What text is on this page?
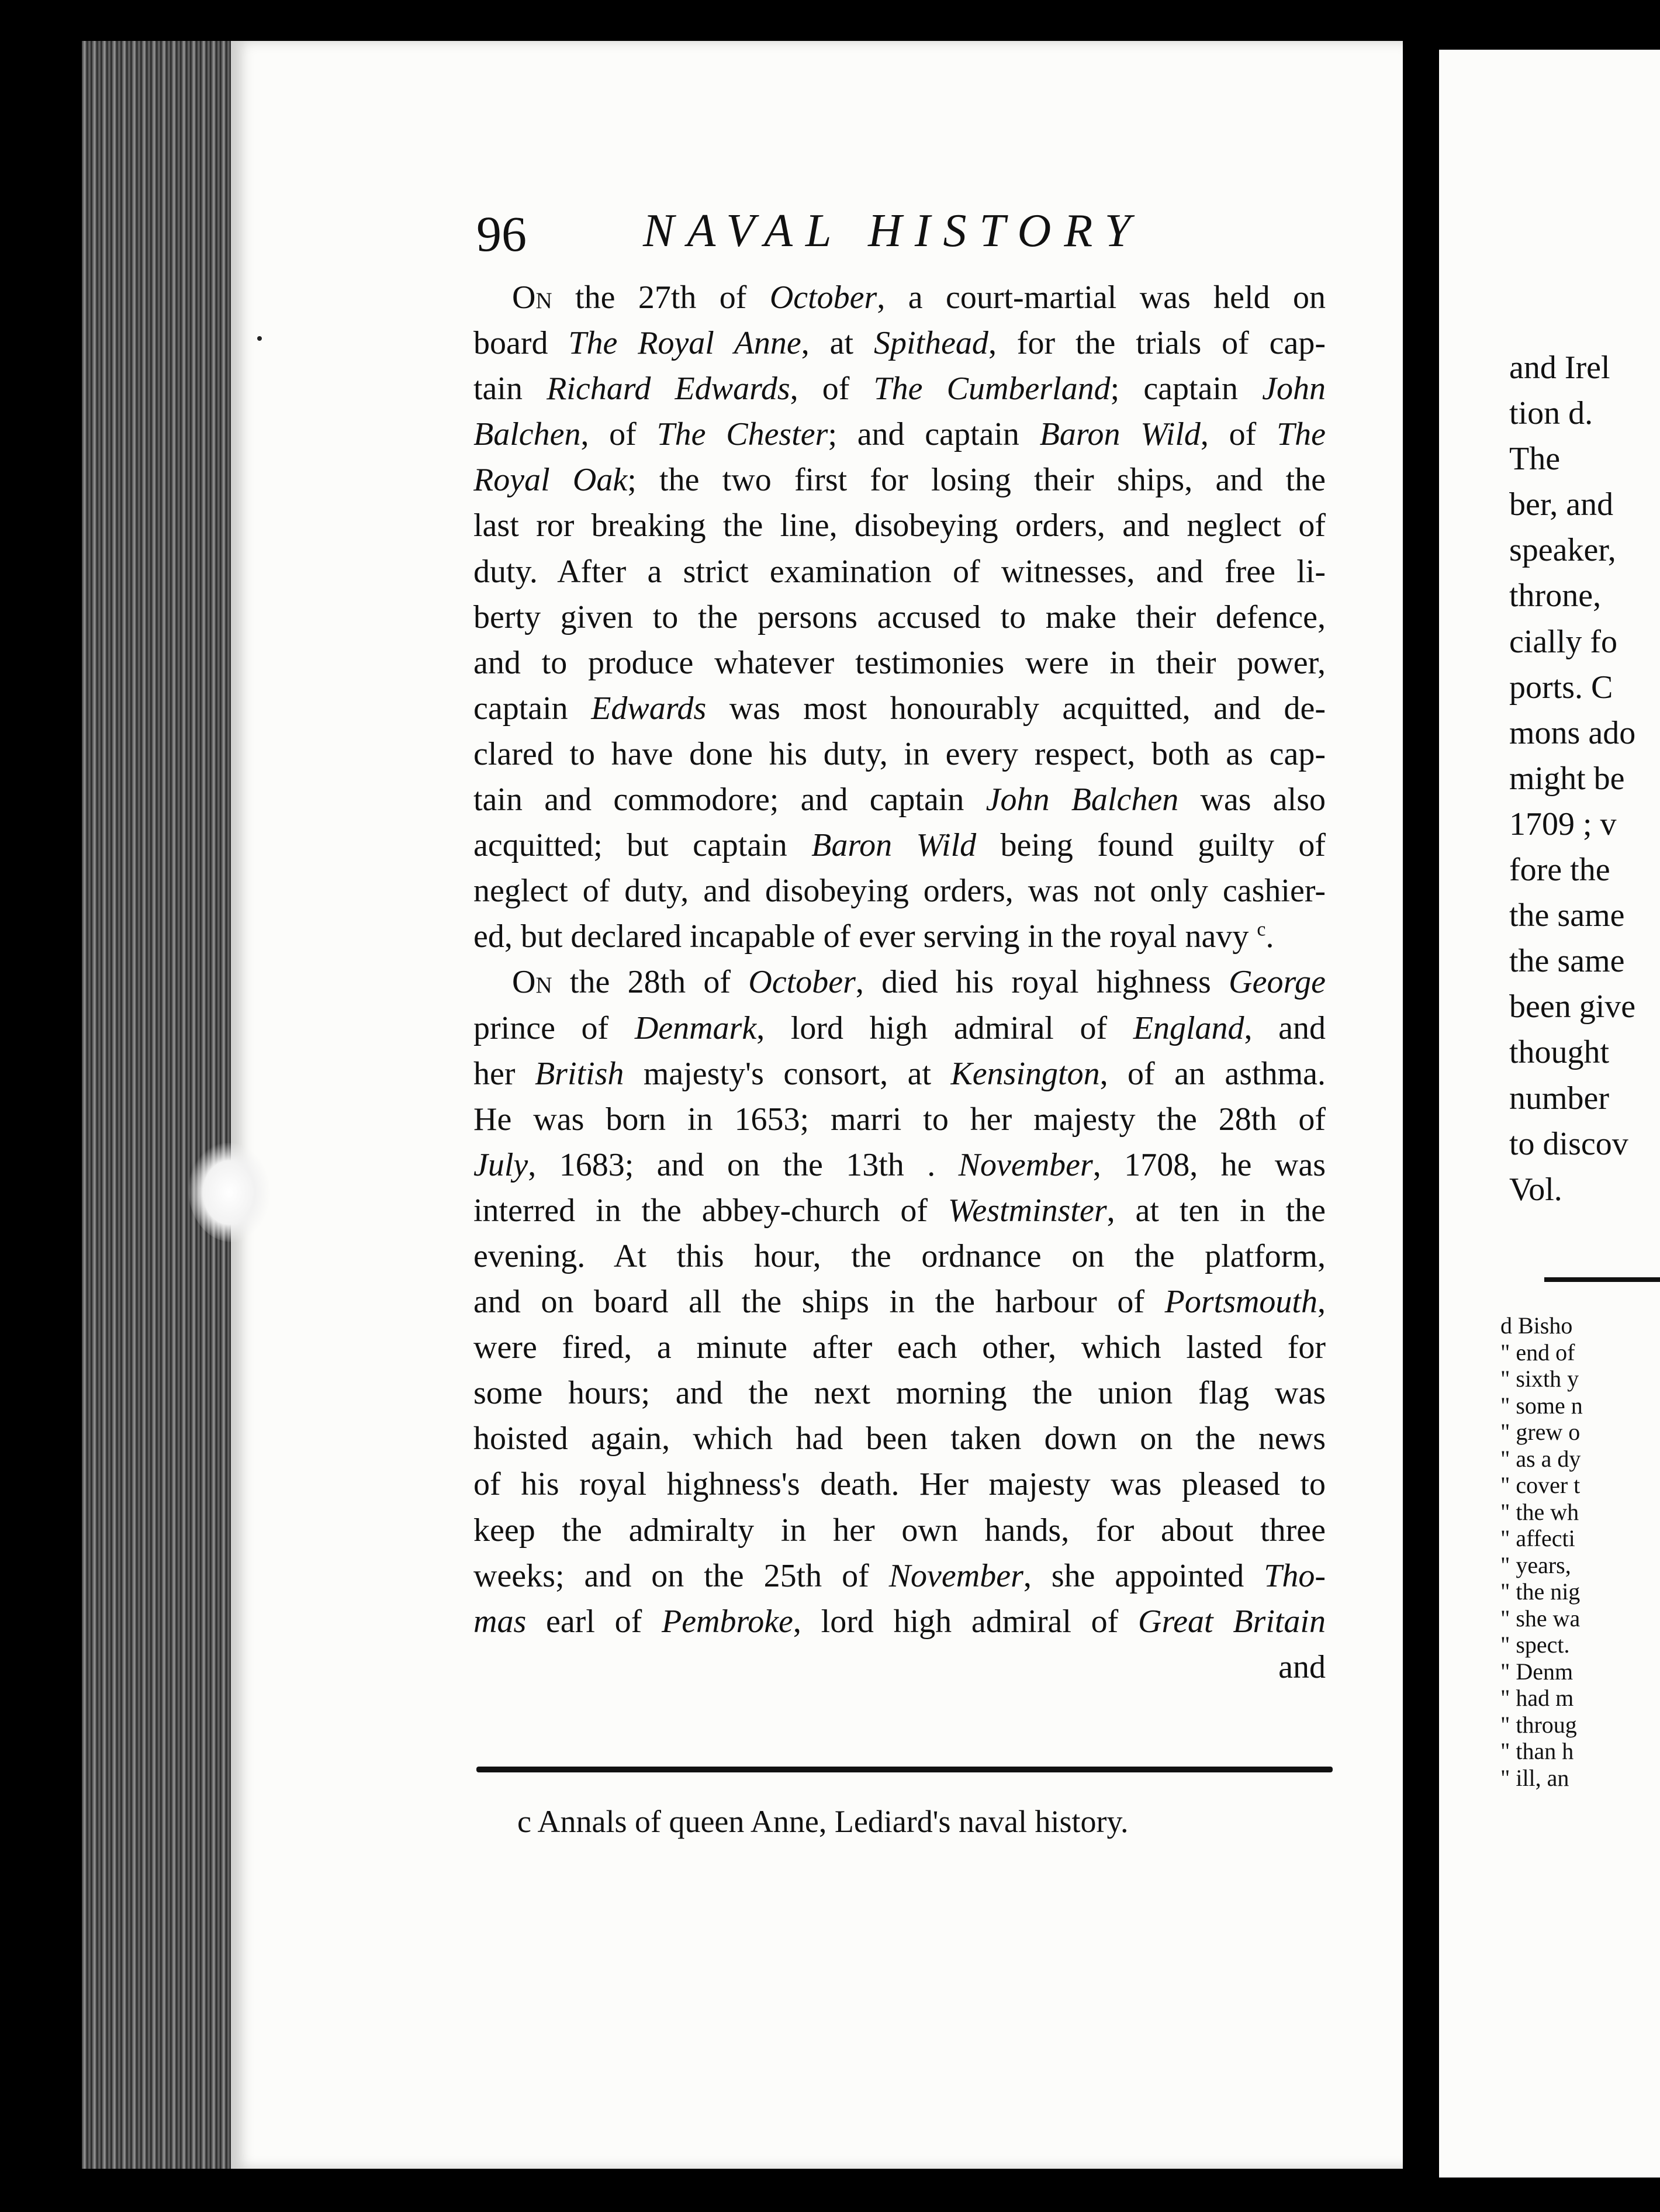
and Irel
tion d.
The
ber, and
speaker,
throne,
cially fo
ports. C
mons ado
might be
1709 ; v
fore the
the same
the same
been give
thought
number
to discov
Vol.
d Bisho
" end of
" sixth y
" some n
" grew o
" as a dy
" cover t
" the wh
" affecti
" years,
" the nig
" she wa
" spect.
" Denm
" had m
" throug
" than h
" ill, an
96 NAVAL HISTORY
On the 27th of October, a court-martial was held on
board The Royal Anne, at Spithead, for the trials of cap-
tain Richard Edwards, of The Cumberland; captain John
Balchen, of The Chester; and captain Baron Wild, of The
Royal Oak; the two first for losing their ships, and the
last ror breaking the line, disobeying orders, and neglect of
duty. After a strict examination of witnesses, and free li-
berty given to the persons accused to make their defence,
and to produce whatever testimonies were in their power,
captain Edwards was most honourably acquitted, and de-
clared to have done his duty, in every respect, both as cap-
tain and commodore; and captain John Balchen was also
acquitted; but captain Baron Wild being found guilty of
neglect of duty, and disobeying orders, was not only cashier-
ed, but declared incapable of ever serving in the royal navy $^c$.
On the 28th of October, died his royal highness George
prince of Denmark, lord high admiral of England, and
her British majesty's consort, at Kensington, of an asthma.
He was born in 1653; marri to her majesty the 28th of
July, 1683; and on the 13th . November, 1708, he was
interred in the abbey-church of Westminster, at ten in the
evening. At this hour, the ordnance on the platform,
and on board all the ships in the harbour of Portsmouth,
were fired, a minute after each other, which lasted for
some hours; and the next morning the union flag was
hoisted again, which had been taken down on the news
of his royal highness's death. Her majesty was pleased to
keep the admiralty in her own hands, for about three
weeks; and on the 25th of November, she appointed Tho-
mas earl of Pembroke, lord high admiral of Great Britain
and
c Annals of queen Anne, Lediard's naval history.
